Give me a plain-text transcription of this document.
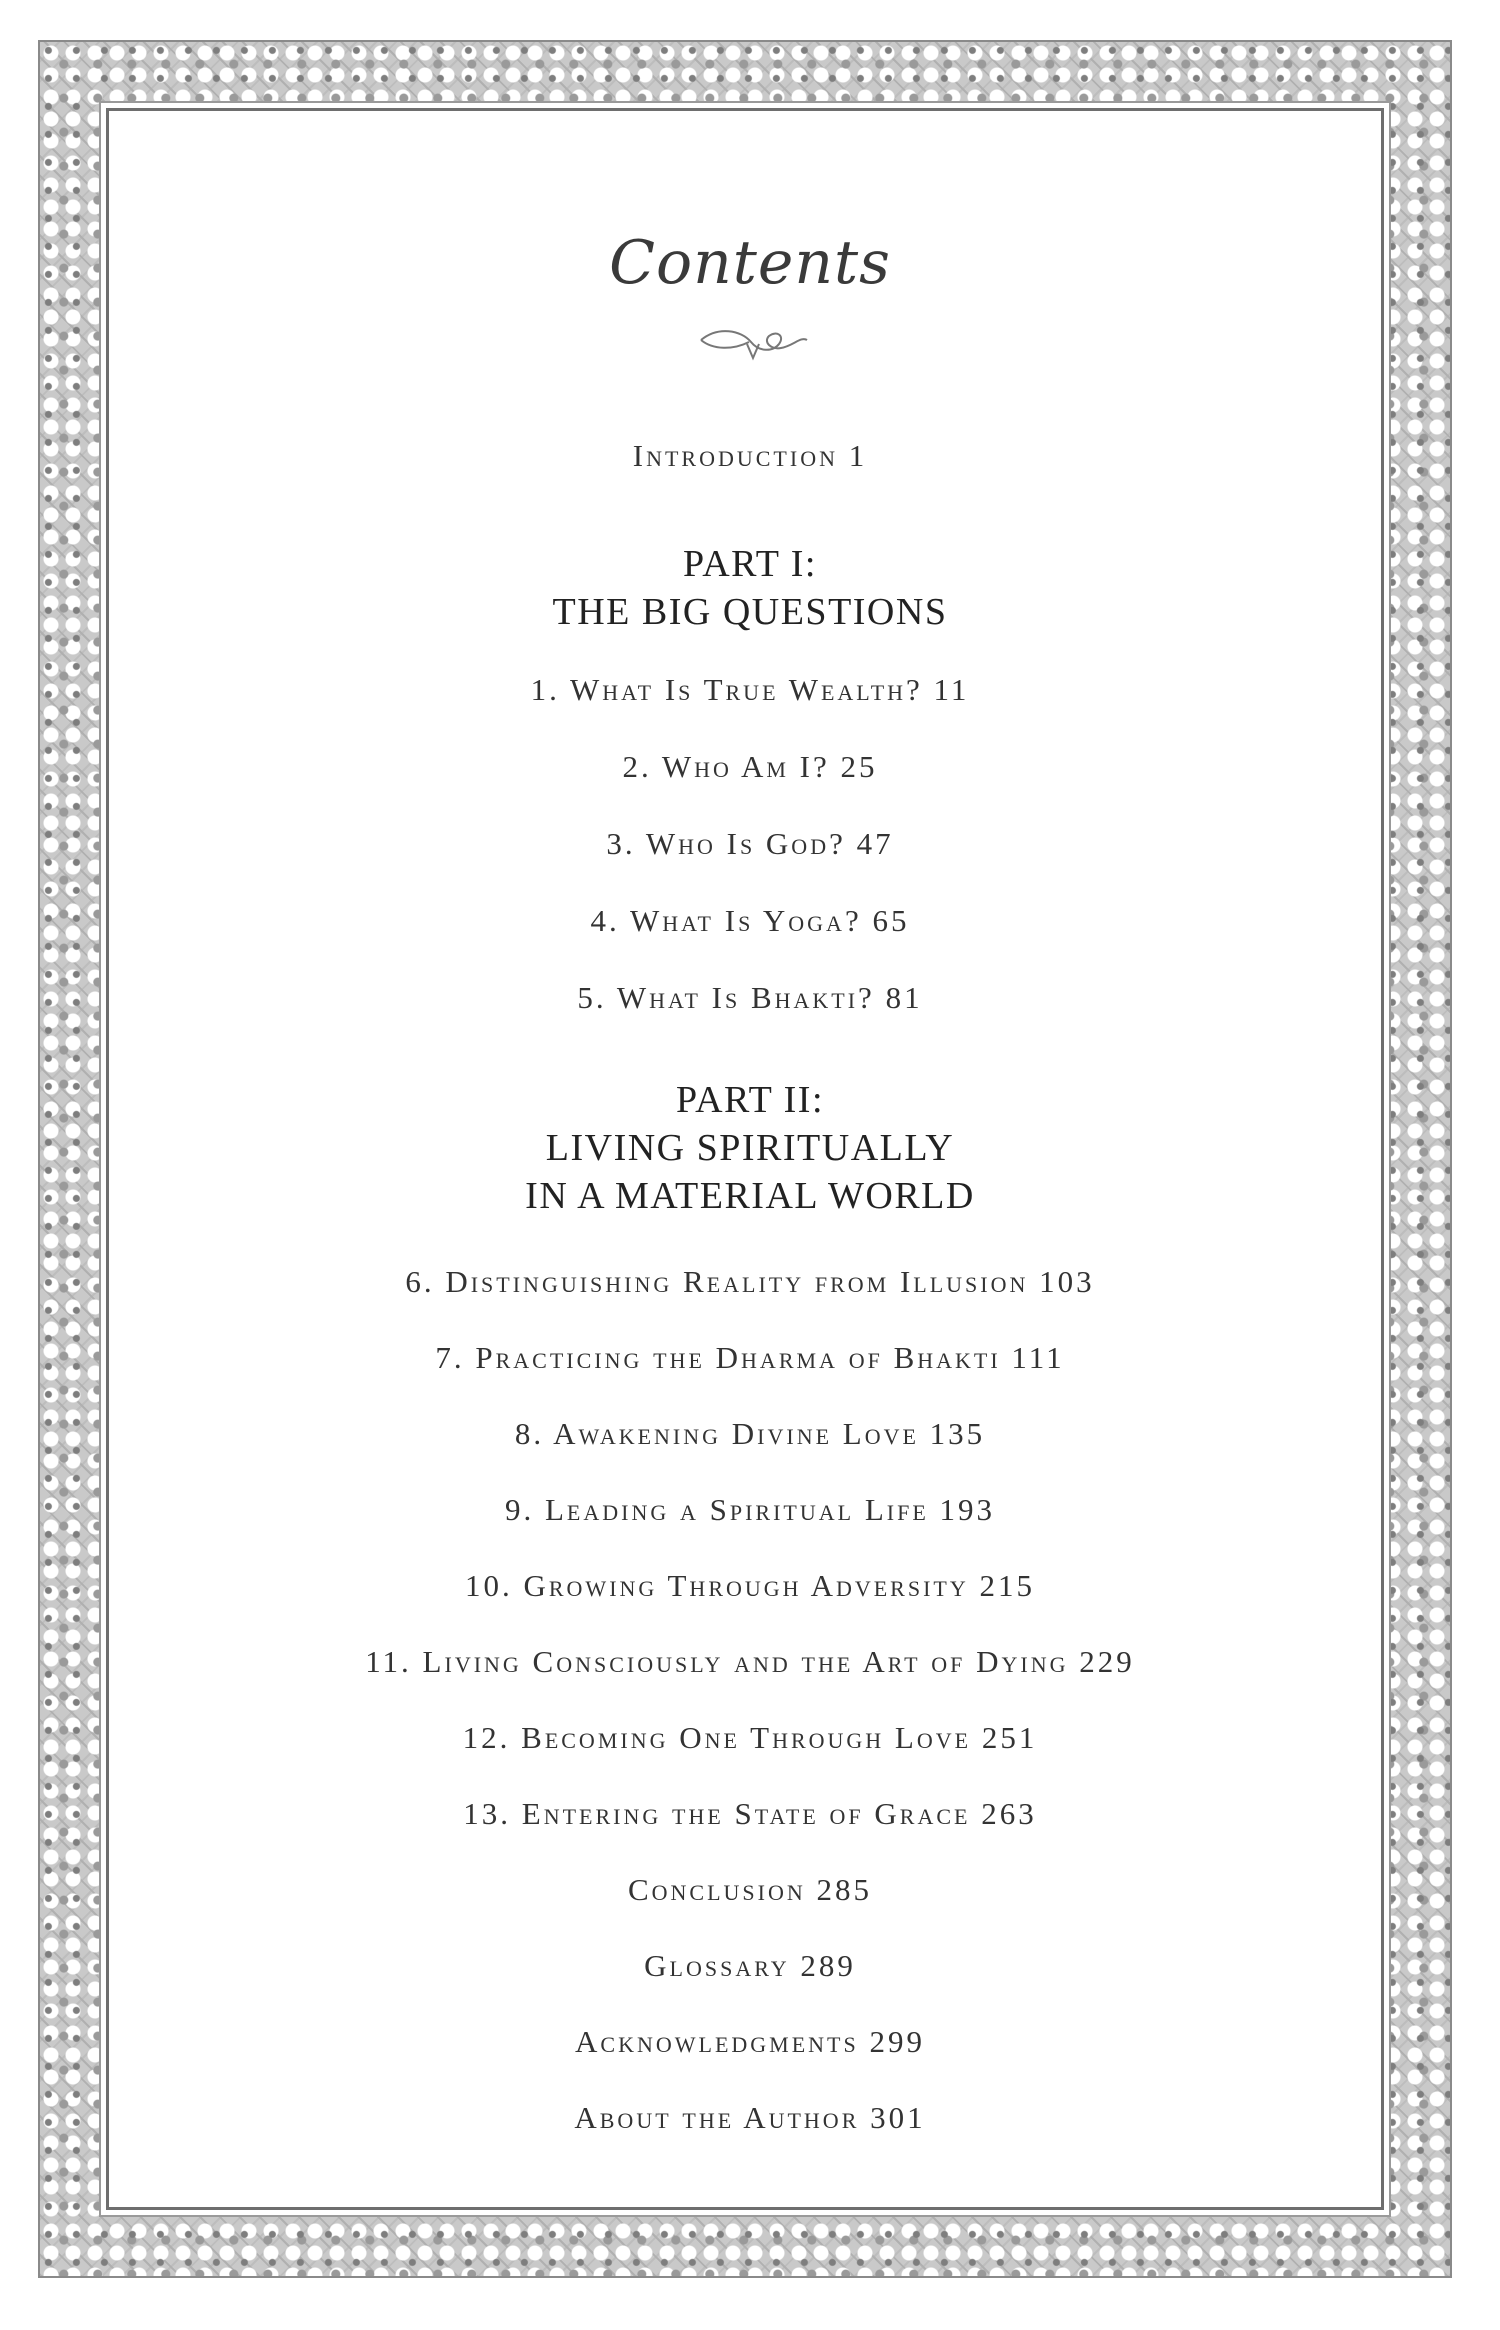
Contents
Introduction 1
PART I:
THE BIG QUESTIONS
1. What Is True Wealth? 11
2. Who Am I? 25
3. Who Is God? 47
4. What Is Yoga? 65
5. What Is Bhakti? 81
PART II:
LIVING SPIRITUALLY
IN A MATERIAL WORLD
6. Distinguishing Reality from Illusion 103
7. Practicing the Dharma of Bhakti 111
8. Awakening Divine Love 135
9. Leading a Spiritual Life 193
10. Growing Through Adversity 215
11. Living Consciously and the Art of Dying 229
12. Becoming One Through Love 251
13. Entering the State of Grace 263
Conclusion 285
Glossary 289
Acknowledgments 299
About the Author 301
